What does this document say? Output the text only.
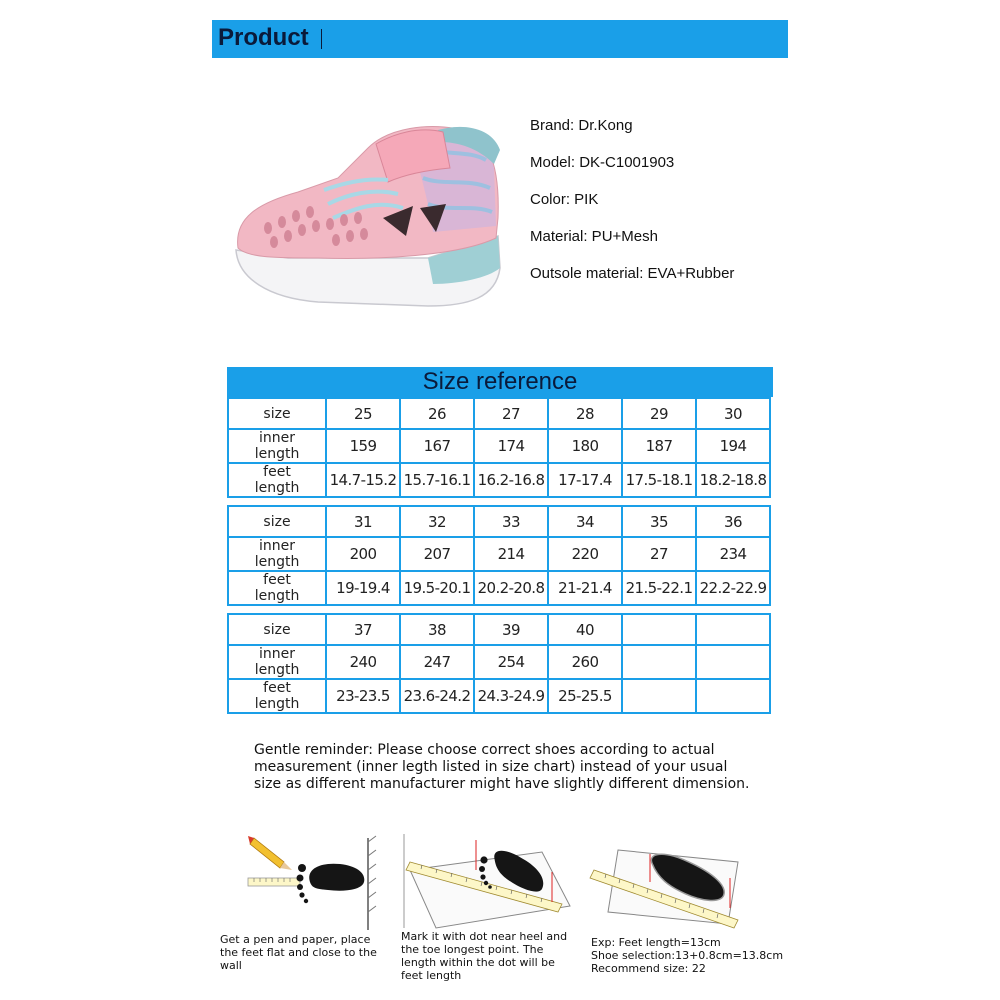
Product
Brand: Dr.Kong
Model: DK-C1001903
Color: PIK
Material: PU+Mesh
Outsole material: EVA+Rubber
Size reference
size	25	26	27	28	29	30
inner
length	159	167	174	180	187	194
feet
length	14.7-15.2	15.7-16.1	16.2-16.8	17-17.4	17.5-18.1	18.2-18.8
size	31	32	33	34	35	36
inner
length	200	207	214	220	27	234
feet
length	19-19.4	19.5-20.1	20.2-20.8	21-21.4	21.5-22.1	22.2-22.9
size	37	38	39	40		
inner
length	240	247	254	260		
feet
length	23-23.5	23.6-24.2	24.3-24.9	25-25.5		
Gentle reminder: Please choose correct shoes according to actual measurement (inner legth listed in size chart) instead of your usual size as different manufacturer might have slightly different dimension.
Get a pen and paper, place the feet flat and close to the wall
Mark it with dot near heel and the toe longest point. The length within the dot will be feet length
Exp: Feet length=13cm
Shoe selection:13+0.8cm=13.8cm
Recommend size: 22
